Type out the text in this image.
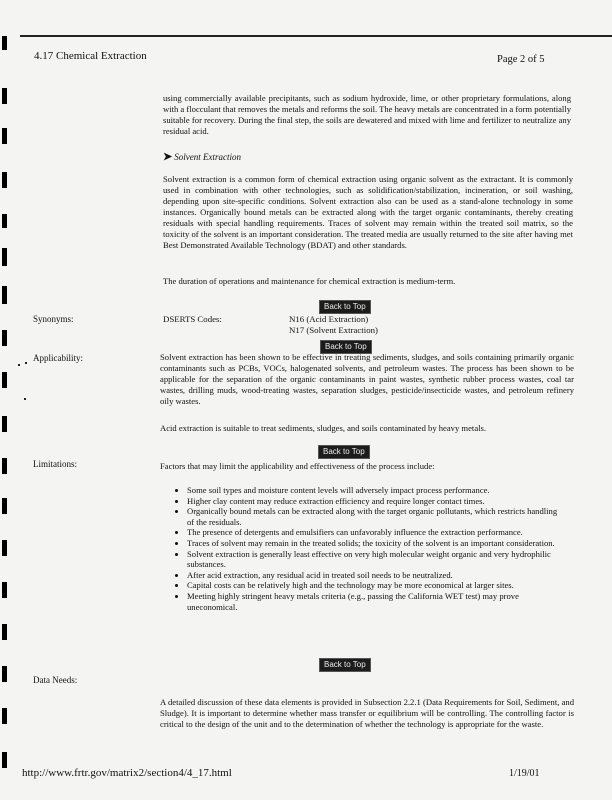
4.17 Chemical Extraction	Page 2 of 5
using commercially available precipitants, such as sodium hydroxide, lime, or other proprietary formulations, along with a flocculant that removes the metals and reforms the soil. The heavy metals are concentrated in a form potentially suitable for recovery. During the final step, the soils are dewatered and mixed with lime and fertilizer to neutralize any residual acid.
➤ Solvent Extraction
Solvent extraction is a common form of chemical extraction using organic solvent as the extractant. It is commonly used in combination with other technologies, such as solidification/stabilization, incineration, or soil washing, depending upon site-specific conditions. Solvent extraction also can be used as a stand-alone technology in some instances. Organically bound metals can be extracted along with the target organic contaminants, thereby creating residuals with special handling requirements. Traces of solvent may remain within the treated soil matrix, so the toxicity of the solvent is an important consideration. The treated media are usually returned to the site after having met Best Demonstrated Available Technology (BDAT) and other standards.
The duration of operations and maintenance for chemical extraction is medium-term.
Back to Top
Synonyms:	DSERTS Codes:	N16 (Acid Extraction)
N17 (Solvent Extraction)
Back to Top
Applicability:	Solvent extraction has been shown to be effective in treating sediments, sludges, and soils containing primarily organic contaminants such as PCBs, VOCs, halogenated solvents, and petroleum wastes. The process has been shown to be applicable for the separation of the organic contaminants in paint wastes, synthetic rubber process wastes, coal tar wastes, drilling muds, wood-treating wastes, separation sludges, pesticide/insecticide wastes, and petroleum refinery oily wastes.
Acid extraction is suitable to treat sediments, sludges, and soils contaminated by heavy metals.
Back to Top
Limitations:	Factors that may limit the applicability and effectiveness of the process include:
• Some soil types and moisture content levels will adversely impact process performance.
• Higher clay content may reduce extraction efficiency and require longer contact times.
• Organically bound metals can be extracted along with the target organic pollutants, which restricts handling of the residuals.
• The presence of detergents and emulsifiers can unfavorably influence the extraction performance.
• Traces of solvent may remain in the treated solids; the toxicity of the solvent is an important consideration.
• Solvent extraction is generally least effective on very high molecular weight organic and very hydrophilic substances.
• After acid extraction, any residual acid in treated soil needs to be neutralized.
• Capital costs can be relatively high and the technology may be more economical at larger sites.
• Meeting highly stringent heavy metals criteria (e.g., passing the California WET test) may prove uneconomical.
Back to Top
Data Needs:
A detailed discussion of these data elements is provided in Subsection 2.2.1 (Data Requirements for Soil, Sediment, and Sludge). It is important to determine whether mass transfer or equilibrium will be controlling. The controlling factor is critical to the design of the unit and to the determination of whether the technology is appropriate for the waste.
http://www.frtr.gov/matrix2/section4/4_17.html	1/19/01
